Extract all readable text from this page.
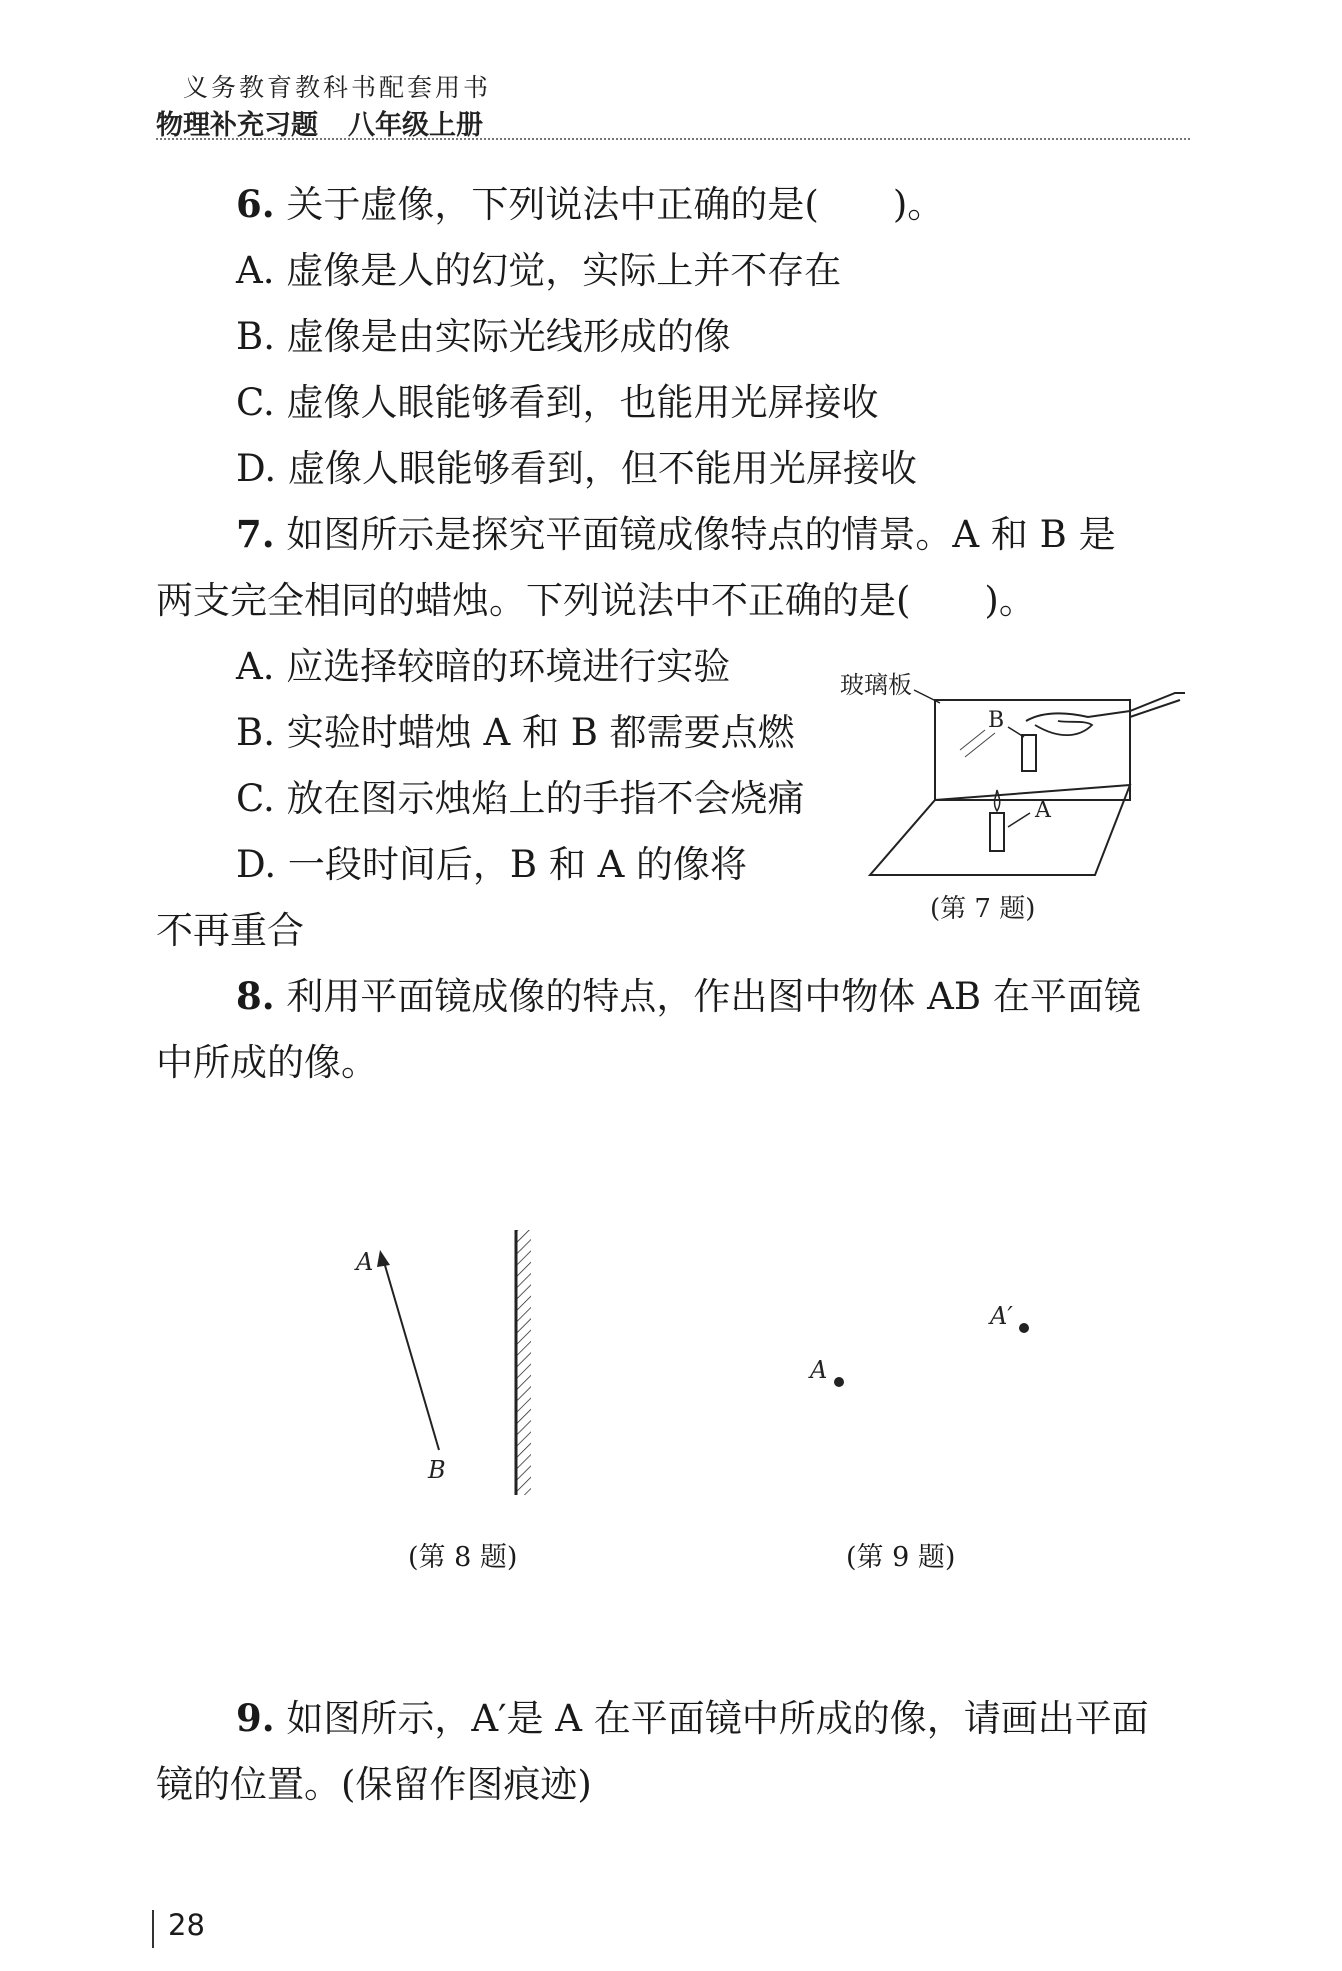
义务教育教科书配套用书
物理补充习题 八年级上册
6. 关于虚像，下列说法中正确的是(　　)。
A. 虚像是人的幻觉，实际上并不存在
B. 虚像是由实际光线形成的像
C. 虚像人眼能够看到，也能用光屏接收
D. 虚像人眼能够看到，但不能用光屏接收
7. 如图所示是探究平面镜成像特点的情景。A 和 B 是
两支完全相同的蜡烛。下列说法中不正确的是(　　)。
A. 应选择较暗的环境进行实验
B. 实验时蜡烛 A 和 B 都需要点燃
C. 放在图示烛焰上的手指不会烧痛
D. 一段时间后，B 和 A 的像将
不再重合
玻璃板
B
A
(第 7 题)
8. 利用平面镜成像的特点，作出图中物体 AB 在平面镜
中所成的像。
A
B
(第 8 题)
A
A′
(第 9 题)
9. 如图所示，A′是 A 在平面镜中所成的像，请画出平面
镜的位置。(保留作图痕迹)
28
